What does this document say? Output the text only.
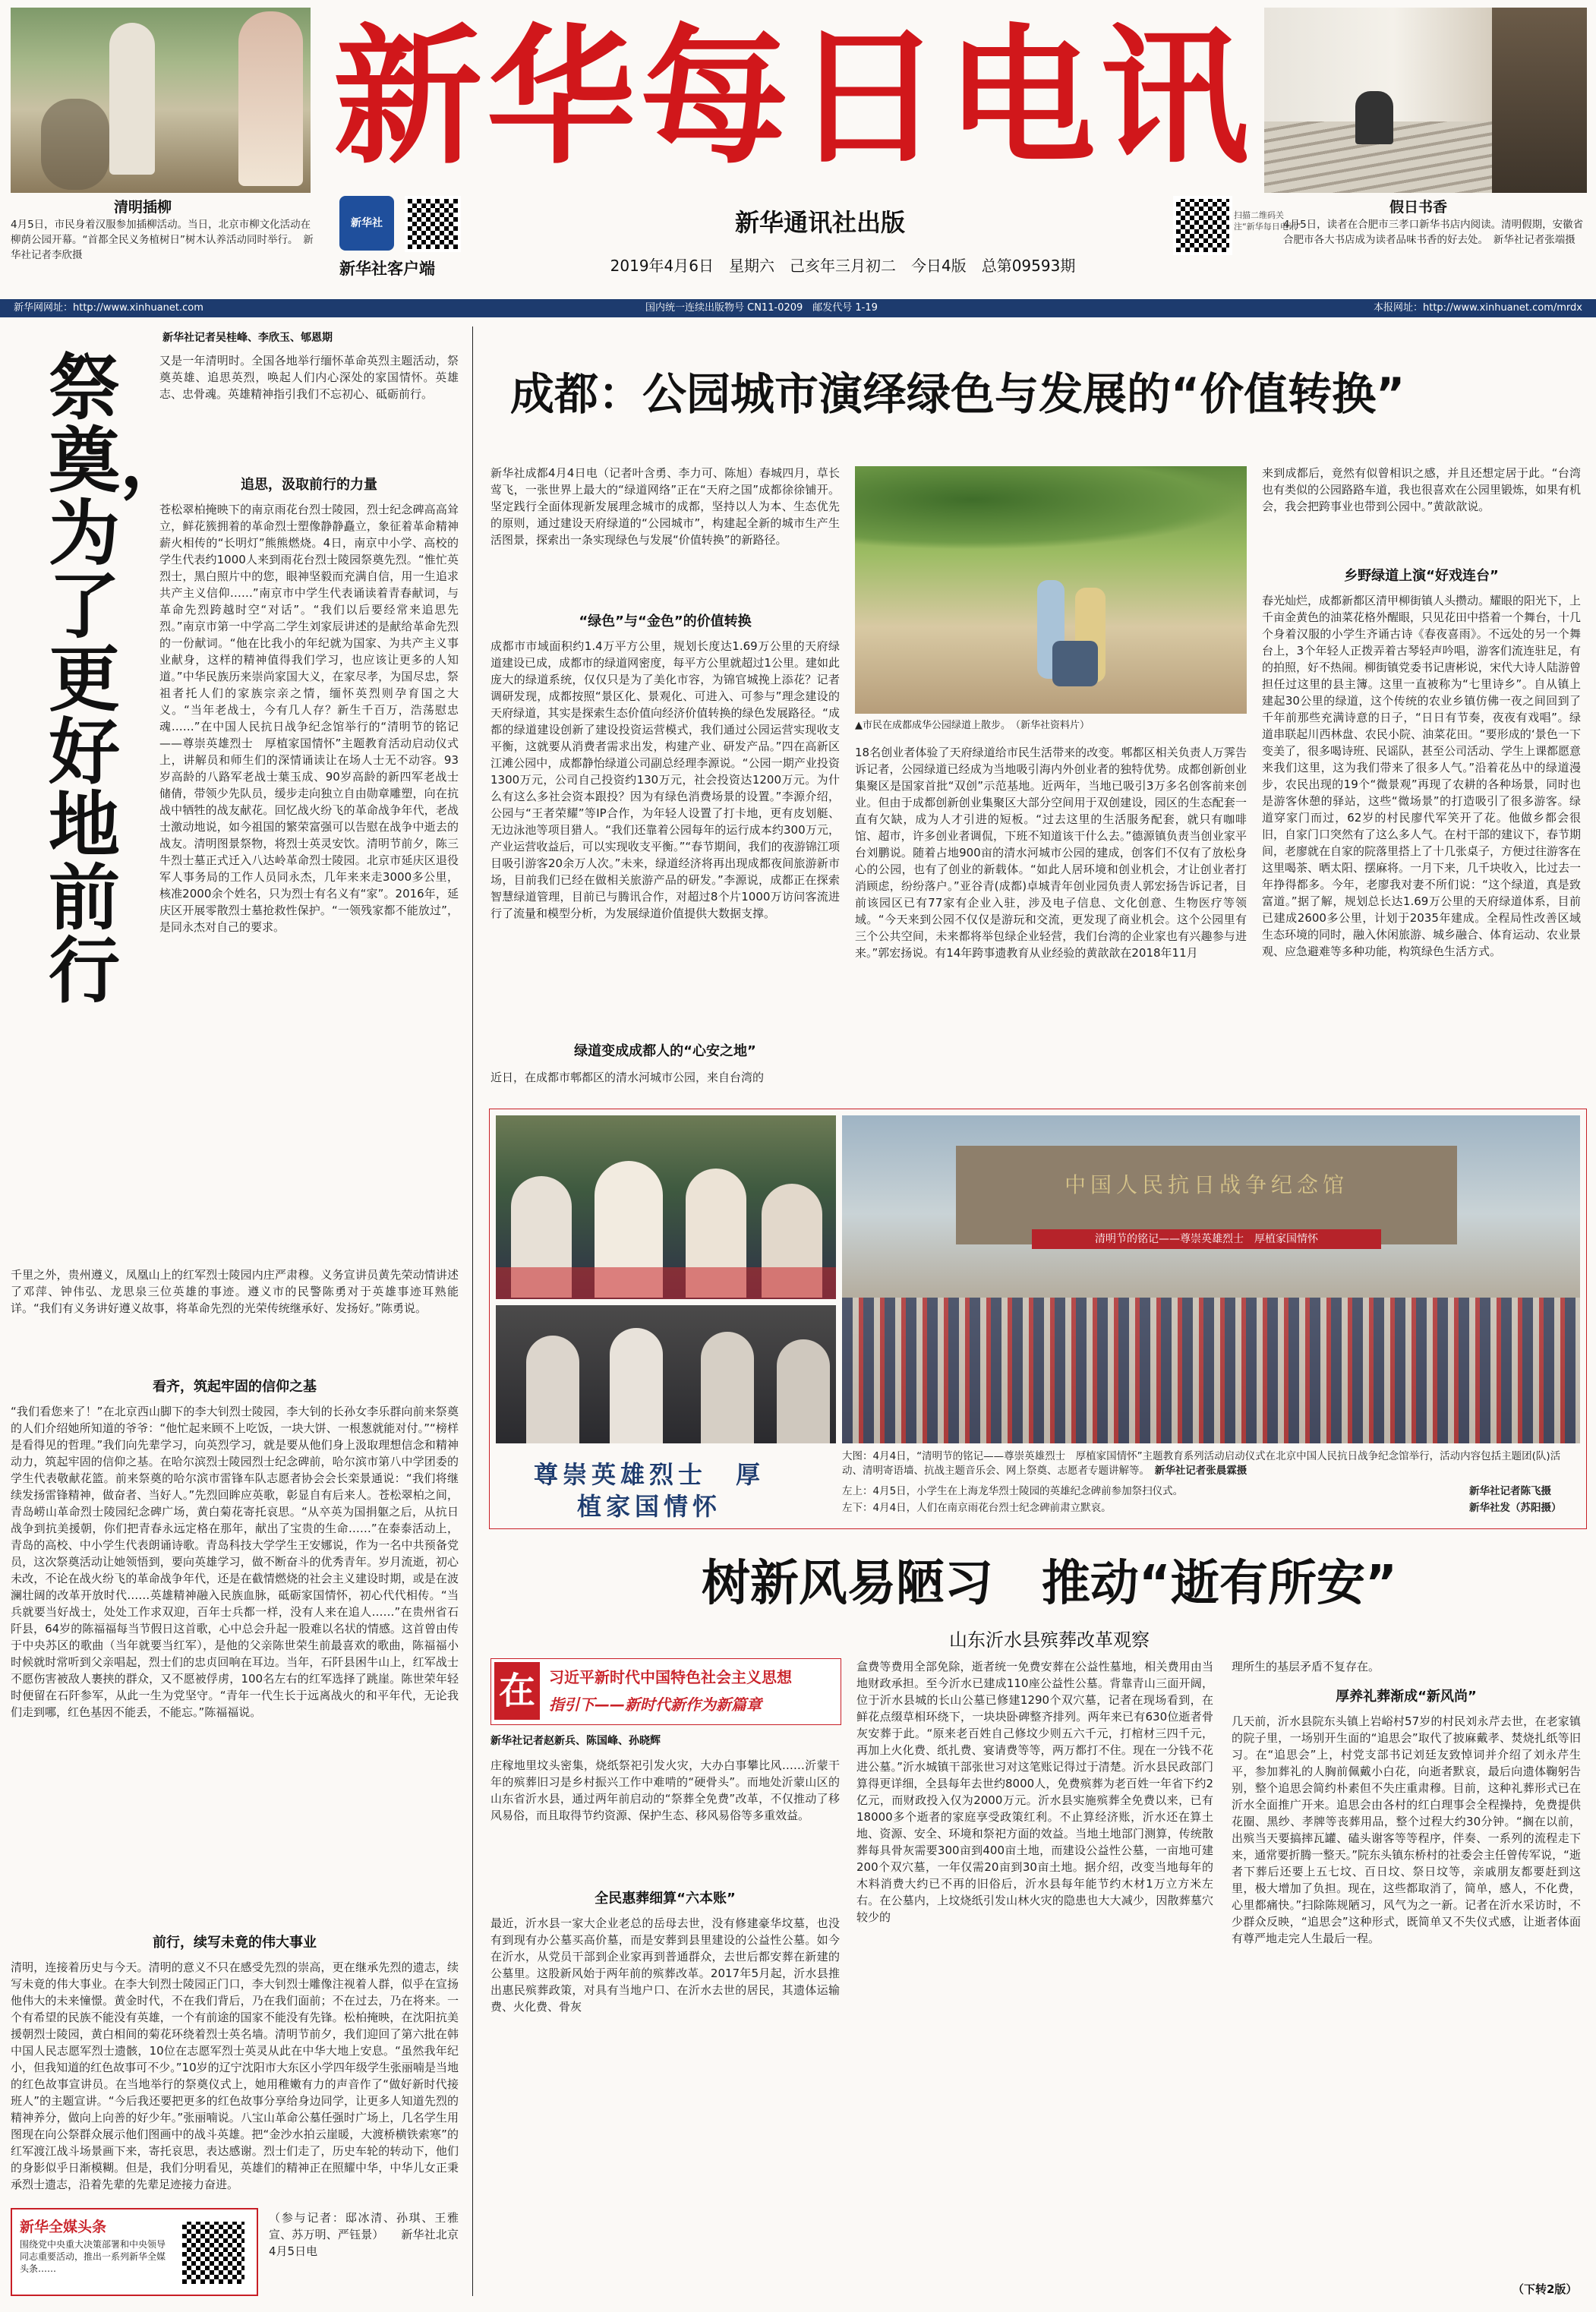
清明插柳
4月5日，市民身着汉服参加插柳活动。当日，北京市柳文化活动在柳荫公园开幕。“首都全民义务植树日”树木认养活动同时举行。　新华社记者李欣摄
新华每日电讯
新华社
新华社客户端
新华通讯社出版
2019年4月6日　星期六　己亥年三月初二　今日4版　总第09593期
扫描二维码关注“新华每日电讯”
假日书香
4月5日，读者在合肥市三孝口新华书店内阅读。清明假期，安徽省合肥市各大书店成为读者品味书香的好去处。　新华社记者张端摄
新华网网址：http://www.xinhuanet.com	国内统一连续出版物号 CN11-0209　邮发代号 1-19	本报网址：http://www.xinhuanet.com/mrdx
新华社记者吴桂峰、李欣玉、郇恩期
祭奠，为了更好地前行
又是一年清明时。全国各地举行缅怀革命英烈主题活动，祭奠英雄、追思英烈，唤起人们内心深处的家国情怀。英雄志、忠骨魂。英雄精神指引我们不忘初心、砥砺前行。
追思，汲取前行的力量
苍松翠柏掩映下的南京雨花台烈士陵园，烈士纪念碑高高耸立，鲜花簇拥着的革命烈士塑像静静矗立，象征着革命精神薪火相传的“长明灯”熊熊燃烧。4日，南京中小学、高校的学生代表约1000人来到雨花台烈士陵园祭奠先烈。“惟忙英烈士，黑白照片中的您，眼神坚毅而充满自信，用一生追求共产主义信仰……”南京市中学生代表诵读着青春献词，与革命先烈跨越时空“对话”。“我们以后要经常来追思先烈。”南京市第一中学高二学生刘家辰讲述的是献给革命先烈的一份献词。“他在比我小的年纪就为国家、为共产主义事业献身，这样的精神值得我们学习，也应该让更多的人知道。”中华民族历来崇尚家国大义，在家尽孝，为国尽忠，祭祖者托人们的家族宗亲之情，缅怀英烈则孕育国之大义。“当年老战士，今有几人存？新生千百万，浩荡慰忠魂……”在中国人民抗日战争纪念馆举行的“清明节的铭记——尊崇英雄烈士　厚植家国情怀”主题教育活动启动仪式上，讲解员和师生们的深情诵读让在场人士无不动容。93岁高龄的八路军老战士葉玉成、90岁高龄的新四军老战士储倩，带领少先队员，缓步走向独立自由勋章雕塑，向在抗战中牺牲的战友献花。回忆战火纷飞的革命战争年代，老战士激动地说，如今祖国的繁荣富强可以告慰在战争中逝去的战友。清明图景祭物，将烈士英灵安饮。清明节前夕，陈三牛烈士墓正式迁入八达岭革命烈士陵园。北京市延庆区退役军人事务局的工作人员同永杰，几年来来走3000多公里，核准2000余个姓名，只为烈士有名义有“家”。2016年，延庆区开展零散烈士墓抢救性保护。“一领残家都不能放过”，是同永杰对自己的要求。
千里之外，贵州遵义，凤凰山上的红军烈士陵园内庄严肃穆。义务宣讲员黄先荣动情讲述了邓萍、钟伟弘、龙思泉三位英雄的事迹。遵义市的民警陈勇对于英雄事迹耳熟能详。“我们有义务讲好遵义故事，将革命先烈的光荣传统继承好、发扬好。”陈勇说。
看齐，筑起牢固的信仰之基
“我们看您来了！”在北京西山脚下的李大钊烈士陵园，李大钊的长孙女李乐群向前来祭奠的人们介绍她所知道的爷爷：“他忙起来顾不上吃饭，一块大饼、一根葱就能对付。”“榜样是看得见的哲理。”我们向先辈学习，向英烈学习，就是要从他们身上汲取理想信念和精神动力，筑起牢固的信仰之基。在哈尔滨烈士陵园烈士纪念碑前，哈尔滨市第八中学团委的学生代表敬献花篮。前来祭奠的哈尔滨市雷锋车队志愿者协会会长栾景通说：“我们将继续发扬雷锋精神，做奋者、当好人。”先烈回眸应英歌，彰显自有后来人。苍松翠柏之间，青岛崂山革命烈士陵园纪念碑广场，黄白菊花寄托哀思。“从卒英为国捐躯之后，从抗日战争到抗美援朝，你们把青春永远定格在那年，献出了宝贵的生命……”在泰泰活动上，青岛的高校、中小学生代表朗诵诗歌。青岛科技大学学生王安娜说，作为一名中共预备党员，这次祭奠活动让她领悟到，要向英雄学习，做不断奋斗的优秀青年。岁月流逝，初心未改，不论在战火纷飞的革命战争年代，还是在截情燃烧的社会主义建设时期，或是在波澜壮阔的改革开放时代……英雄精神融入民族血脉，砥砺家国情怀，初心代代相传。“当兵就要当好战士，处处工作求双迎，百年士兵都一样，没有人来在追人……”在贵州省石阡县，64岁的陈福福每当节假日这首歌，心中总会升起一股难以名状的情感。这首曾由传于中央苏区的歌曲（当年就要当红军），是他的父亲陈世荣生前最喜欢的歌曲，陈福福小时候就时常听到父亲唱起，烈士们的忠贞回响在耳边。当年，石阡县困牛山上，红军战士不愿伤害被敌人裹挟的群众，又不愿被俘虏，100名左右的红军选择了跳崖。陈世荣年轻时便留在石阡参军，从此一生为党坚守。“青年一代生长于远离战火的和平年代，无论我们走到哪，红色基因不能丢，不能忘。”陈福福说。
前行，续写未竟的伟大事业
清明，连接着历史与今天。清明的意义不只在感受先烈的崇高，更在继承先烈的遗志，续写未竟的伟大事业。在李大钊烈士陵园正门口，李大钊烈士雕像注视着人群，似乎在宣扬他伟大的未来憧憬。黄金时代，不在我们背后，乃在我们面前；不在过去，乃在将来。一个有希望的民族不能没有英雄，一个有前途的国家不能没有先锋。松柏掩映，在沈阳抗美援朝烈士陵园，黄白相间的菊花环绕着烈士英名墙。清明节前夕，我们迎回了第六批在韩中国人民志愿军烈士遗骸，10位在志愿军烈士英灵从此在中华大地上安息。“虽然我年纪小，但我知道的红色故事可不少。”10岁的辽宁沈阳市大东区小学四年级学生张丽喃是当地的红色故事宣讲员。在当地举行的祭奠仪式上，她用稚嫩有力的声音作了“做好新时代接班人”的主题宣讲。“今后我还要把更多的红色故事分享给身边同学，让更多人知道先烈的精神养分，做向上向善的好少年。”张丽喃说。八宝山革命公墓任强时广场上，几名学生用图现在向公祭群众展示他们图画中的战斗英雄。把“金沙水拍云崖暖，大渡桥横铁索寒”的红军渡江战斗场景画下来，寄托哀思，表达感谢。烈士们走了，历史车轮的转动下，他们的身影似乎日渐模糊。但是，我们分明看见，英雄们的精神正在照耀中华，中华儿女正秉承烈士遗志，沿着先辈的先辈足迹接力奋进。
新华全媒头条
围绕党中央重大决策部署和中央领导同志重要活动，推出一系列新华全媒头条……
（参与记者：邸冰清、孙琪、王雅宣、苏万明、严钰景）　　新华社北京4月5日电
成都：公园城市演绎绿色与发展的“价值转换”
新华社成都4月4日电（记者叶含勇、李力可、陈旭）春城四月，草长莺飞，一张世界上最大的“绿道网络”正在“天府之国”成都徐徐铺开。坚定践行全面体现新发展理念城市的成都，坚持以人为本、生态优先的原则，通过建设天府绿道的“公园城市”，构建起全新的城市生产生活图景，探索出一条实现绿色与发展“价值转换”的新路径。
“绿色”与“金色”的价值转换
成都市市域面积约1.4万平方公里，规划长度达1.69万公里的天府绿道建设已成，成都市的绿道网密度，每平方公里就超过1公里。建如此庞大的绿道系统，仅仅只是为了美化市容，为锦官城挽上添花？记者调研发现，成都按照“景区化、景观化、可进入、可参与”理念建设的天府绿道，其实是探索生态价值向经济价值转换的绿色发展路径。“成都的绿道建设创新了建设投资运营模式，我们通过公园运营实现收支平衡，这就要从消费者需求出发，构建产业、研发产品。”四在高新区江滩公园中，成都静怡绿道公司副总经理李源说。“公园一期产业投资1300万元，公司自己投资约130万元，社会投资达1200万元。为什么有这么多社会资本跟投？因为有绿色消费场景的设置。”李源介绍，公园与“王者荣耀”等IP合作，为年轻人设置了打卡地，更有皮划艇、无边泳池等项目猎人。“我们还靠着公园每年的运行成本约300万元，产业运营收益后，可以实现收支平衡。”“春节期间，我们的夜游锦江项目吸引游客20余万人次。”未来，绿道经济将再出现成都夜间旅游新市场，目前我们已经在做相关旅游产品的研发。”李源说，成都正在探索智慧绿道管理，目前已与腾讯合作，对超过8个片1000万访问客流进行了流量和模型分析，为发展绿道价值提供大数据支撑。
绿道变成成都人的“心安之地”
近日，在成都市郫都区的清水河城市公园，来自台湾的
▲市民在成都成华公园绿道上散步。　（新华社资料片）
18名创业者体验了天府绿道给市民生活带来的改变。郫都区相关负责人万霁告诉记者，公园绿道已经成为当地吸引海内外创业者的独特优势。成都创新创业集聚区是国家首批“双创”示范基地。近两年，当地已吸引3万多名创客前来创业。但由于成都创新创业集聚区大部分空间用于双创建设，园区的生态配套一直有欠缺，成为人才引进的短板。“过去这里的生活服务配套，就只有咖啡馆、超市，许多创业者调侃，下班不知道该干什么去。”德源镇负责当创业家平台刘鹏说。随着占地900亩的清水河城市公园的建成，创客们不仅有了放松身心的公园，也有了创业的新载体。“如此人居环境和创业机会，才让创业者打消顾虑，纷纷落户。”亚谷青(成都)卓城青年创业园负责人郭宏扬告诉记者，目前该园区已有77家有企业入驻，涉及电子信息、文化创意、生物医疗等领域。“今天来到公园不仅仅是游玩和交流，更发现了商业机会。这个公园里有三个公共空间，未来都将举包绿企业轻营，我们台湾的企业家也有兴趣参与进来。”郭宏扬说。有14年跨事遗教育从业经验的黄歆歆在2018年11月
来到成都后，竟然有似曾相识之感，并且还想定居于此。“台湾也有类似的公园路路车道，我也很喜欢在公园里锻炼，如果有机会，我会把跨事业也带到公园中。”黄歆歆说。
乡野绿道上演“好戏连台”
春光灿烂，成都新都区清甲柳街镇人头攒动。耀眼的阳光下，上千亩金黄色的油菜花格外醒眼，只见花田中搭着一个舞台，十几个身着汉服的小学生齐诵古诗《春夜喜雨》。不远处的另一个舞台上，3个年轻人正拨弄着古琴轻声吟唱，游客们流连驻足，有的拍照，好不热闹。柳街镇党委书记唐彬说，宋代大诗人陆游曾担任过这里的县主簿。这里一直被称为“七里诗乡”。自从镇上建起30公里的绿道，这个传统的农业乡镇仿佛一夜之间回到了千年前那些充满诗意的日子，“日日有节奏，夜夜有戏唱”。绿道串联起川西林盘、农民小院、油菜花田。“要形成的‘景色一下变美了，很多喝诗班、民谣队，甚至公司活动、学生上课都愿意来我们这里，这为我们带来了很多人气。”沿着花丛中的绿道漫步，农民出现的19个“微景观”再现了农耕的各种场景，同时也是游客休憩的驿站，这些“微场景”的打造吸引了很多游客。绿道穿家门而过，62岁的村民廖代军笑开了花。他做乡都会很旧，自家门口突然有了这么多人气。在村干部的建议下，春节期间，老廖就在自家的院落里搭上了十几张桌子，方便过往游客在这里喝茶、晒太阳、摆麻将。一月下来，几千块收入，比过去一年挣得都多。今年，老廖我对妻不所们说：“这个绿道，真是致富道。”据了解，规划总长达1.69万公里的天府绿道体系，目前已建成2600多公里，计划于2035年建成。全程局性改善区域生态环境的同时，融入休闲旅游、城乡融合、体育运动、农业景观、应急避难等多种功能，构筑绿色生活方式。
尊崇英雄烈士　厚植家国情怀
中国人民抗日战争纪念馆
清明节的铭记——尊崇英雄烈士　厚植家国情怀
大图：4月4日，“清明节的铭记——尊崇英雄烈士　厚植家国情怀”主题教育系列活动启动仪式在北京中国人民抗日战争纪念馆举行，活动内容包括主题团(队)活动、清明寄语墙、抗战主题音乐会、网上祭奠、志愿者专题讲解等。　 新华社记者张晨霖摄
左上：4月5日，小学生在上海龙华烈士陵园的英雄纪念碑前参加祭扫仪式。	新华社记者陈飞摄
左下：4月4日，人们在南京雨花台烈士纪念碑前肃立默哀。	新华社发（苏阳摄）
树新风易陋习　推动“逝有所安”
山东沂水县殡葬改革观察
在 习近平新时代中国特色社会主义思想
指引下——新时代新作为新篇章
新华社记者赵新兵、陈国峰、孙晓辉
庄稼地里坟头密集，烧纸祭祀引发火灾，大办白事攀比风……沂蒙干年的殡葬旧习是乡村振兴工作中难啃的“硬骨头”。而地处沂蒙山区的山东省沂水县，通过两年前启动的“祭葬全免费”改革，不仅推动了移风易俗，而且取得节约资源、保护生态、移风易俗等多重效益。
全民惠葬细算“六本账”
最近，沂水县一家大企业老总的岳母去世，没有修建豪华坟墓，也没有到现有办公墓买高价墓，而是安葬到县里建设的公益性公墓。如今在沂水，从党员干部到企业家再到普通群众，去世后都安葬在新建的公墓里。这股新风始于两年前的殡葬改革。2017年5月起，沂水县推出惠民殡葬政策，对具有当地户口、在沂水去世的居民，其遗体运输费、火化费、骨灰
盒费等费用全部免除，逝者统一免费安葬在公益性墓地，相关费用由当地财政承担。至今沂水已建成110座公益性公墓。背靠青山三面开阔，位于沂水县城的长山公墓已修建1290个双穴墓，记者在现场看到，在鲜花点缀草相环绕下，一块块卧碑整齐排列。两年来已有630位逝者骨灰安葬于此。“原来老百姓自己修坟少则五六千元，打棺材三四千元，再加上火化费、纸扎费、宴请费等等，两万都打不住。现在一分钱不花进公墓。”沂水城镇干部张世习对这笔账记得过于清楚。沂水县民政部门算得更详细，全县每年去世约8000人，免费殡葬为老百姓一年省下约2亿元，而财政投入仅为2000万元。沂水县实施殡葬全免费以来，已有18000多个逝者的家庭享受政策红利。不止算经济账，沂水还在算土地、资源、安全、环境和祭祀方面的效益。当地土地部门测算，传统散葬每具骨灰需要300亩到400亩土地，而建设公益性公墓，一亩地可建200个双穴墓，一年仅需20亩到30亩土地。据介绍，改变当地每年的木料消费大约已不再的旧俗后，沂水县每年能节约木材1万立方米左右。在公墓内，上坟烧纸引发山林火灾的隐患也大大减少，因散葬墓穴较少的
理所生的基层矛盾不复存在。
厚养礼葬渐成“新风尚”
几天前，沂水县院东头镇上岩峪村57岁的村民刘永芹去世，在老家镇的院子里，一场别开生面的“追思会”取代了披麻戴孝、焚烧扎纸等旧习。在“追思会”上，村党支部书记刘廷友致悼词并介绍了刘永芹生平，参加葬礼的人胸前佩戴小白花，向逝者默哀，最后向遗体鞠躬告别，整个追思会简约朴素但不失庄重肃穆。目前，这种礼葬形式已在沂水全面推广开来。追思会由各村的红白理事会全程操持，免费提供花圈、黑纱、孝牌等丧葬用品，整个过程大约30分钟。“搁在以前，出殡当天要搞摔瓦罐、磕头谢客等等程序，伴奏、一系列的流程走下来，通常要折腾一整天。”院东头镇东桥村的社委会主任曾传军说，“逝者下葬后还要上五七坟、百日坟、祭日坟等，亲戚朋友都要赶到这里，极大增加了负担。现在，这些都取消了，简单，感人，不化费，心里都痛快。”扫除陈规陋习，风气为之一新。记者在沂水采访时，不少群众反映，“追思会”这种形式，既简单又不失仪式感，让逝者体面有尊严地走完人生最后一程。
（下转2版）
